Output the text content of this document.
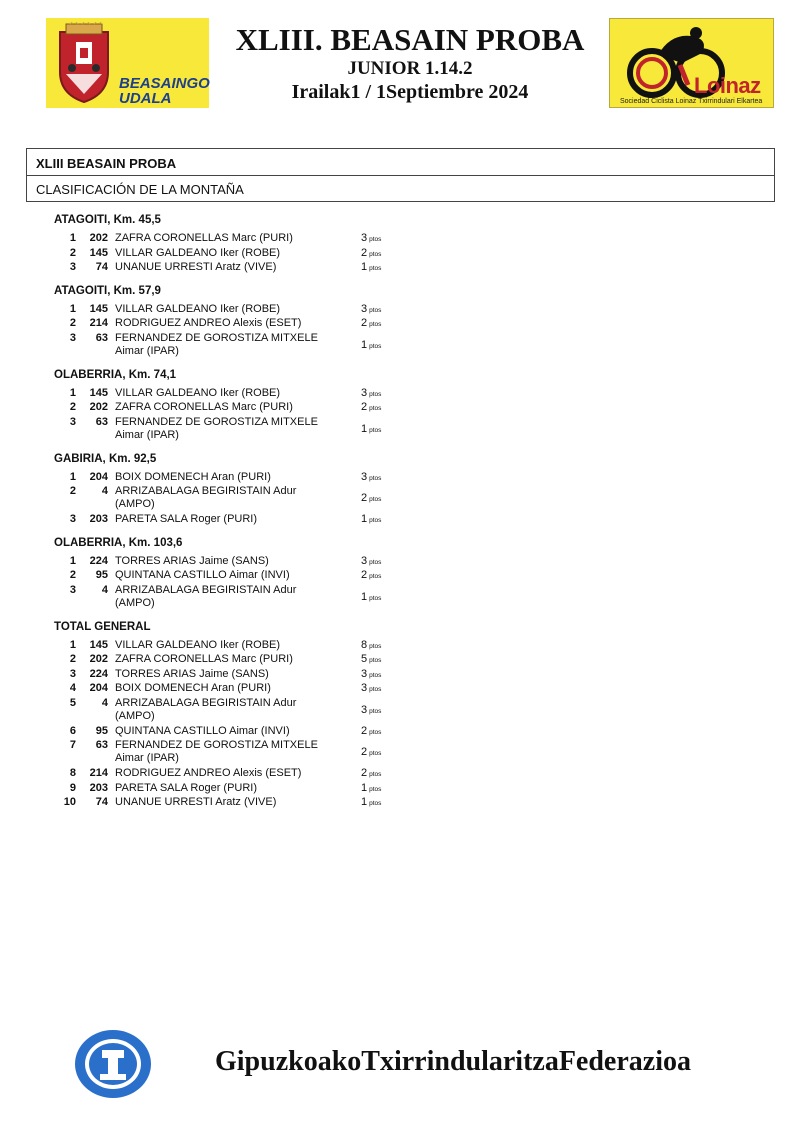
BEASAINGO
UDALA
XLIII. BEASAIN PROBA
JUNIOR 1.14.2
Irailak1 / 1Septiembre 2024	Loinaz
Sociedad Ciclista Loinaz Txirrindulari Elkartea
XLIII BEASAIN PROBA
CLASIFICACIÓN DE LA MONTAÑA
ATAGOITI, Km. 45,5
1	202 ZAFRA CORONELLAS Marc (PURI)	3 ptos
2	145 VILLAR GALDEANO Iker (ROBE)	2 ptos
3	74 UNANUE URRESTI Aratz (VIVE)	1 ptos
ATAGOITI, Km. 57,9
1	145 VILLAR GALDEANO Iker (ROBE)	3 ptos
2	214 RODRIGUEZ ANDREO Alexis (ESET)	2 ptos
3	63 FERNANDEZ DE GOROSTIZA MITXELE Aimar (IPAR)	1 ptos
OLABERRIA, Km. 74,1
1	145 VILLAR GALDEANO Iker (ROBE)	3 ptos
2	202 ZAFRA CORONELLAS Marc (PURI)	2 ptos
3	63 FERNANDEZ DE GOROSTIZA MITXELE Aimar (IPAR)	1 ptos
GABIRIA, Km. 92,5
1	204 BOIX DOMENECH Aran (PURI)	3 ptos
2	4 ARRIZABALAGA BEGIRISTAIN Adur (AMPO)	2 ptos
3	203 PARETA SALA Roger (PURI)	1 ptos
OLABERRIA, Km. 103,6
1	224 TORRES ARIAS Jaime (SANS)	3 ptos
2	95 QUINTANA CASTILLO Aimar (INVI)	2 ptos
3	4 ARRIZABALAGA BEGIRISTAIN Adur (AMPO)	1 ptos
TOTAL GENERAL
1	145 VILLAR GALDEANO Iker (ROBE)	8 ptos
2	202 ZAFRA CORONELLAS Marc (PURI)	5 ptos
3	224 TORRES ARIAS Jaime (SANS)	3 ptos
4	204 BOIX DOMENECH Aran (PURI)	3 ptos
5	4 ARRIZABALAGA BEGIRISTAIN Adur (AMPO)	3 ptos
6	95 QUINTANA CASTILLO Aimar (INVI)	2 ptos
7	63 FERNANDEZ DE GOROSTIZA MITXELE Aimar (IPAR)	2 ptos
8	214 RODRIGUEZ ANDREO Alexis (ESET)	2 ptos
9	203 PARETA SALA Roger (PURI)	1 ptos
10	74 UNANUE URRESTI Aratz (VIVE)	1 ptos
GipuzkoakoTxirrindularitzaFederazioa
